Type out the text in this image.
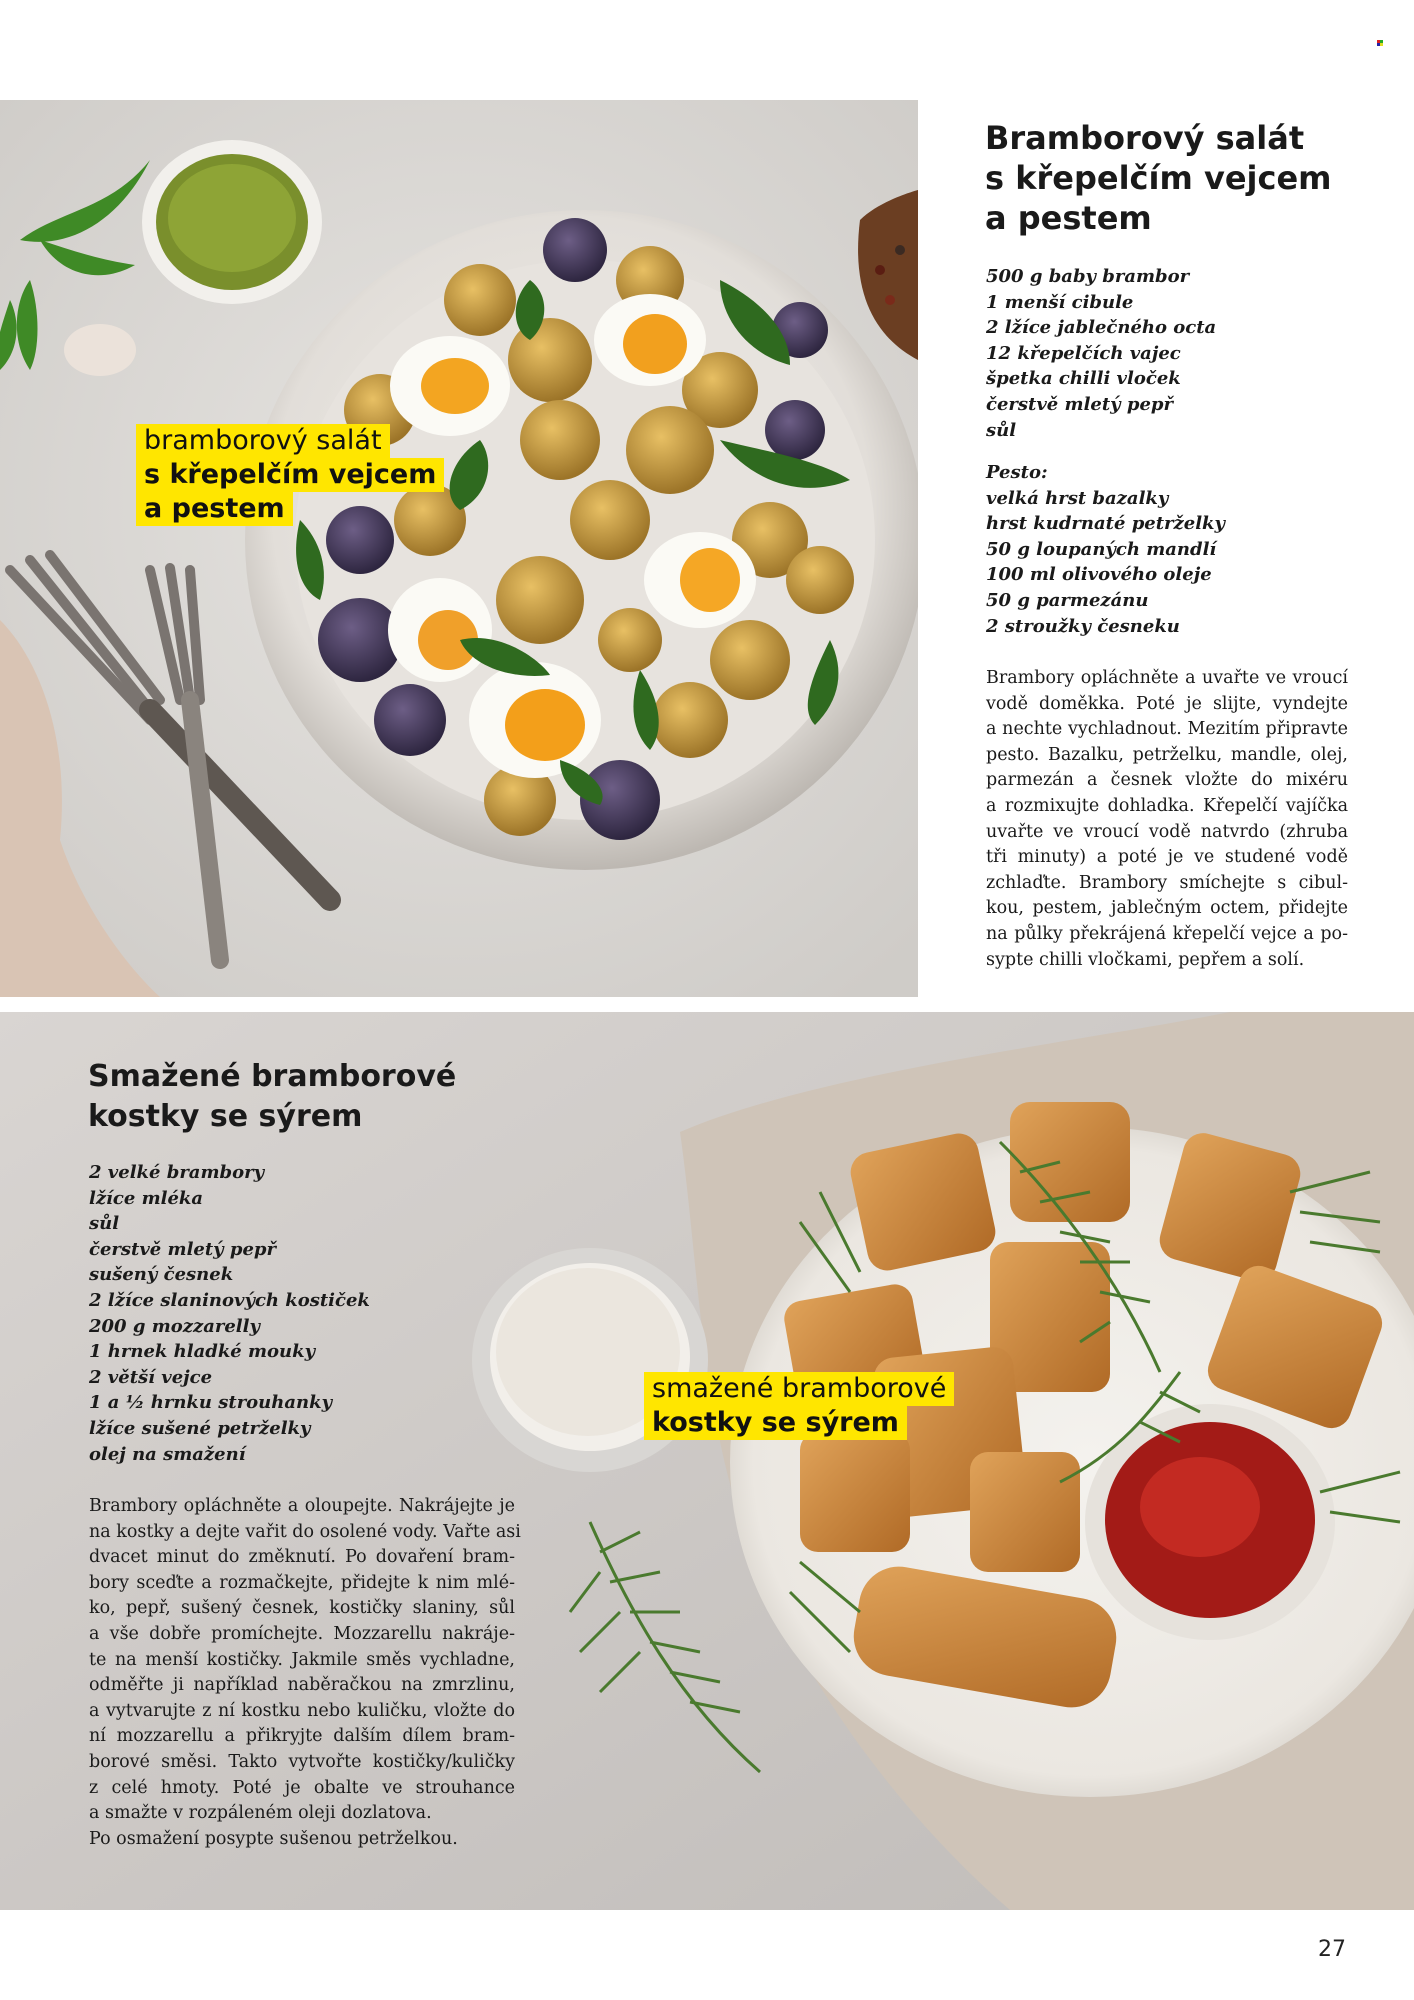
Bramborový salát
s křepelčím vejcem
a pestem
500 g baby brambor
1 menší cibule
2 lžíce jablečného octa
12 křepelčích vajec
špetka chilli vloček
čerstvě mletý pepř
sůl
Pesto:
velká hrst bazalky
hrst kudrnaté petrželky
50 g loupaných mandlí
100 ml olivového oleje
50 g parmezánu
2 stroužky česneku
Brambory opláchněte a uvařte ve vroucí
vodě doměkka. Poté je slijte, vyndejte
a nechte vychladnout. Mezitím připravte
pesto. Bazalku, petrželku, mandle, olej,
parmezán a česnek vložte do mixéru
a rozmixujte dohladka. Křepelčí vajíčka
uvařte ve vroucí vodě natvrdo (zhruba
tři minuty) a poté je ve studené vodě
zchlaďte. Brambory smíchejte s cibul-
kou, pestem, jablečným octem, přidejte
na půlky překrájená křepelčí vejce a po-
sypte chilli vločkami, pepřem a solí.
bramborový salát
s křepelčím vejcem
a pestem
Smažené bramborové
kostky se sýrem
2 velké brambory
lžíce mléka
sůl
čerstvě mletý pepř
sušený česnek
2 lžíce slaninových kostiček
200 g mozzarelly
1 hrnek hladké mouky
2 větší vejce
1 a ½ hrnku strouhanky
lžíce sušené petrželky
olej na smažení
Brambory opláchněte a oloupejte. Nakrájejte je
na kostky a dejte vařit do osolené vody. Vařte asi
dvacet minut do změknutí. Po dovaření bram-
bory sceďte a rozmačkejte, přidejte k nim mlé-
ko, pepř, sušený česnek, kostičky slaniny, sůl
a vše dobře promíchejte. Mozzarellu nakráje-
te na menší kostičky. Jakmile směs vychladne,
odměřte ji například naběračkou na zmrzlinu,
a vytvarujte z ní kostku nebo kuličku, vložte do
ní mozzarellu a přikryjte dalším dílem bram-
borové směsi. Takto vytvořte kostičky/kuličky
z celé hmoty. Poté je obalte ve strouhance
a smažte v rozpáleném oleji dozlatova.
Po osmažení posypte sušenou petrželkou.
smažené bramborové
kostky se sýrem
27
